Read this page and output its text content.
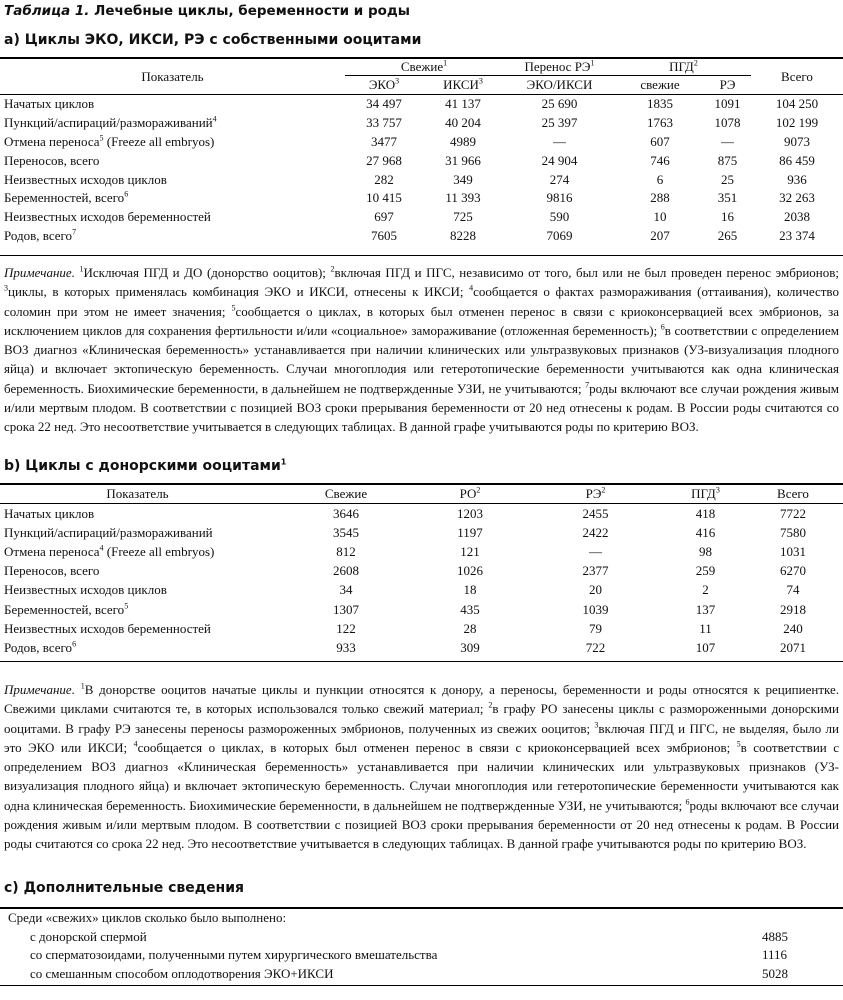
Таблица 1. Лечебные циклы, беременности и роды
a) Циклы ЭКО, ИКСИ, РЭ с собственными ооцитами
Показатель	Свежие$^1$		Перенос $РЭ^1$	ПГД$^2$		Всего
	ЭКО$^3$	ИКСИ$^3$	ЭКО/ИКСИ	свежие	РЭ	
Начатых циклов	34 497	41 137	25 690	1835	1091	104 250
Пункций/аспираций/размораживаний$^4$	33 757	40 204	25 397	1763	1078	102 199
Отмена переноса$^5$ (Freeze all embryos)	3477	4989	—	607	—	9073
Переносов, всего	27 968	31 966	24 904	746	875	86 459
Неизвестных исходов циклов	282	349	274	6	25	936
Беременностей, всего$^6$	10 415	11 393	9816	288	351	32 263
Неизвестных исходов беременностей	697	725	590	10	16	2038
Родов, всего$^7$	7605	8228	7069	207	265	23 374
Примечание. $^1$Исключая ПГД и ДО (донорство ооцитов); $^2$включая ПГД и ПГС, независимо от того, был или не был проведен перенос эмбрионов; $^3$циклы, в которых применялась комбинация ЭКО и ИКСИ, отнесены к ИКСИ; $^4$сообщается о фактах размораживания (оттаивания), количество соломин при этом не имеет значения; $^5$сообщается о циклах, в которых был отменен перенос в связи с криоконсервацией всех эмбрионов, за исключением циклов для сохранения фертильности и/или «социальное» замораживание (отложенная беременность); $^6$в соответствии с определением ВОЗ диагноз «Клиническая беременность» устанавливается при наличии клинических или ультразвуковых признаков (УЗ-визуализация плодного яйца) и включает эктопическую беременность. Случаи многоплодия или гетеротопические беременности учитываются как одна клиническая беременность. Биохимические беременности, в дальнейшем не подтвержденные УЗИ, не учитываются; $^7$роды включают все случаи рождения живым и/или мертвым плодом. В соответствии с позицией ВОЗ сроки прерывания беременности от 20 нед отнесены к родам. В России роды считаются со срока 22 нед. Это несоответствие учитывается в следующих таблицах. В данной графе учитываются роды по критерию ВОЗ.
b) Циклы с донорскими ооцитами$^1$
Показатель	Свежие	$РО^2$	$РЭ^2$	ПГД$^3$	Всего
Начатых циклов	3646	1203	2455	418	7722
Пункций/аспираций/размораживаний	3545	1197	2422	416	7580
Отмена переноса$^4$ (Freeze all embryos)	812	121	—	98	1031
Переносов, всего	2608	1026	2377	259	6270
Неизвестных исходов циклов	34	18	20	2	74
Беременностей, всего$^5$	1307	435	1039	137	2918
Неизвестных исходов беременностей	122	28	79	11	240
Родов, всего$^6$	933	309	722	107	2071
Примечание. $^1$В донорстве ооцитов начатые циклы и пункции относятся к донору, а переносы, беременности и роды относятся к реципиентке. Свежими циклами считаются те, в которых использовался только свежий материал; $^2$в графу РО занесены циклы с размороженными донорскими ооцитами. В графу РЭ занесены переносы размороженных эмбрионов, полученных из свежих ооцитов; $^3$включая ПГД и ПГС, не выделяя, было ли это ЭКО или ИКСИ; $^4$сообщается о циклах, в которых был отменен перенос в связи с криоконсервацией всех эмбрионов; $^5$в соответствии с определением ВОЗ диагноз «Клиническая беременность» устанавливается при наличии клинических или ультразвуковых признаков (УЗ-визуализация плодного яйца) и включает эктопическую беременность. Случаи многоплодия или гетеротопические беременности учитываются как одна клиническая беременность. Биохимические беременности, в дальнейшем не подтвержденные УЗИ, не учитываются; $^6$роды включают все случаи рождения живым и/или мертвым плодом. В соответствии с позицией ВОЗ сроки прерывания беременности от 20 нед отнесены к родам. В России роды считаются со срока 22 нед. Это несоответствие учитывается в следующих таблицах. В данной графе учитываются роды по критерию ВОЗ.
c) Дополнительные сведения
Среди «свежих» циклов сколько было выполнено:	
с донорской спермой	4885
со сперматозоидами, полученными путем хирургического вмешательства	1116
со смешанным способом оплодотворения ЭКО+ИКСИ	5028
